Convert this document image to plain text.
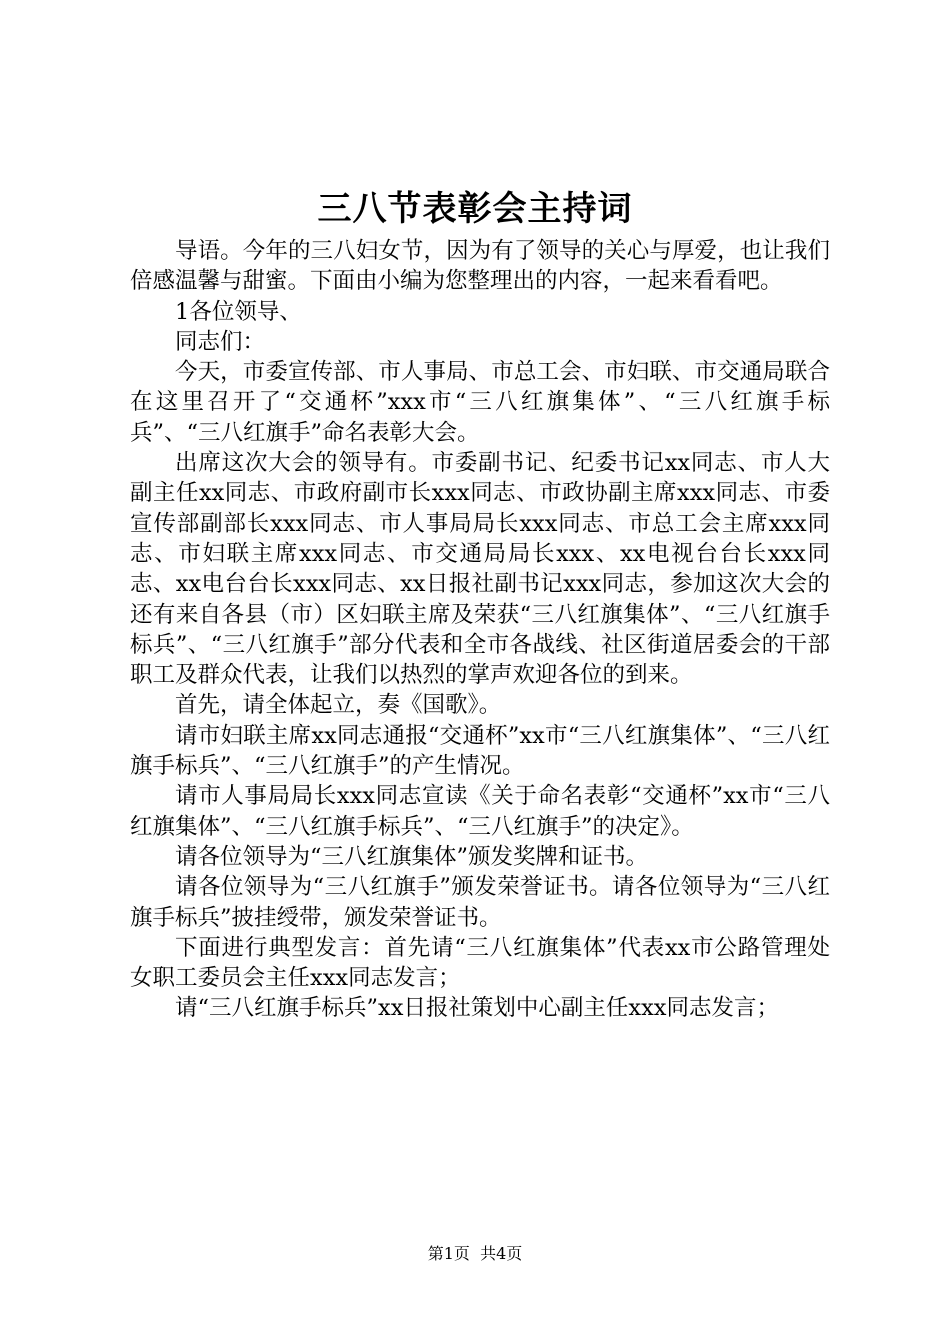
三八节表彰会主持词

导语。今年的三八妇女节，因为有了领导的关心与厚爱，也让我们倍感温馨与甜蜜。下面由小编为您整理出的内容，一起来看看吧。

1各位领导、

同志们：

今天，市委宣传部、市人事局、市总工会、市妇联、市交通局联合在这里召开了“交通杯”xxx市“三八红旗集体”、“三八红旗手标兵”、“三八红旗手”命名表彰大会。

出席这次大会的领导有。市委副书记、纪委书记xx同志、市人大副主任xx同志、市政府副市长xxx同志、市政协副主席xxx同志、市委宣传部副部长xxx同志、市人事局局长xxx同志、市总工会主席xxx同志、市妇联主席xxx同志、市交通局局长xxx、xx电视台台长xxx同志、xx电台台长xxx同志、xx日报社副书记xxx同志，参加这次大会的还有来自各县（市）区妇联主席及荣获“三八红旗集体”、“三八红旗手标兵”、“三八红旗手”部分代表和全市各战线、社区街道居委会的干部职工及群众代表，让我们以热烈的掌声欢迎各位的到来。

首先，请全体起立，奏《国歌》。

请市妇联主席xx同志通报“交通杯”xx市“三八红旗集体”、“三八红旗手标兵”、“三八红旗手”的产生情况。

请市人事局局长xxx同志宣读《关于命名表彰“交通杯”xx市“三八红旗集体”、“三八红旗手标兵”、“三八红旗手”的决定》。

请各位领导为“三八红旗集体”颁发奖牌和证书。

请各位领导为“三八红旗手”颁发荣誉证书。请各位领导为“三八红旗手标兵”披挂绶带，颁发荣誉证书。

下面进行典型发言：首先请“三八红旗集体”代表xx市公路管理处女职工委员会主任xxx同志发言；

请“三八红旗手标兵”xx日报社策划中心副主任xxx同志发言；

第1页 共4页
